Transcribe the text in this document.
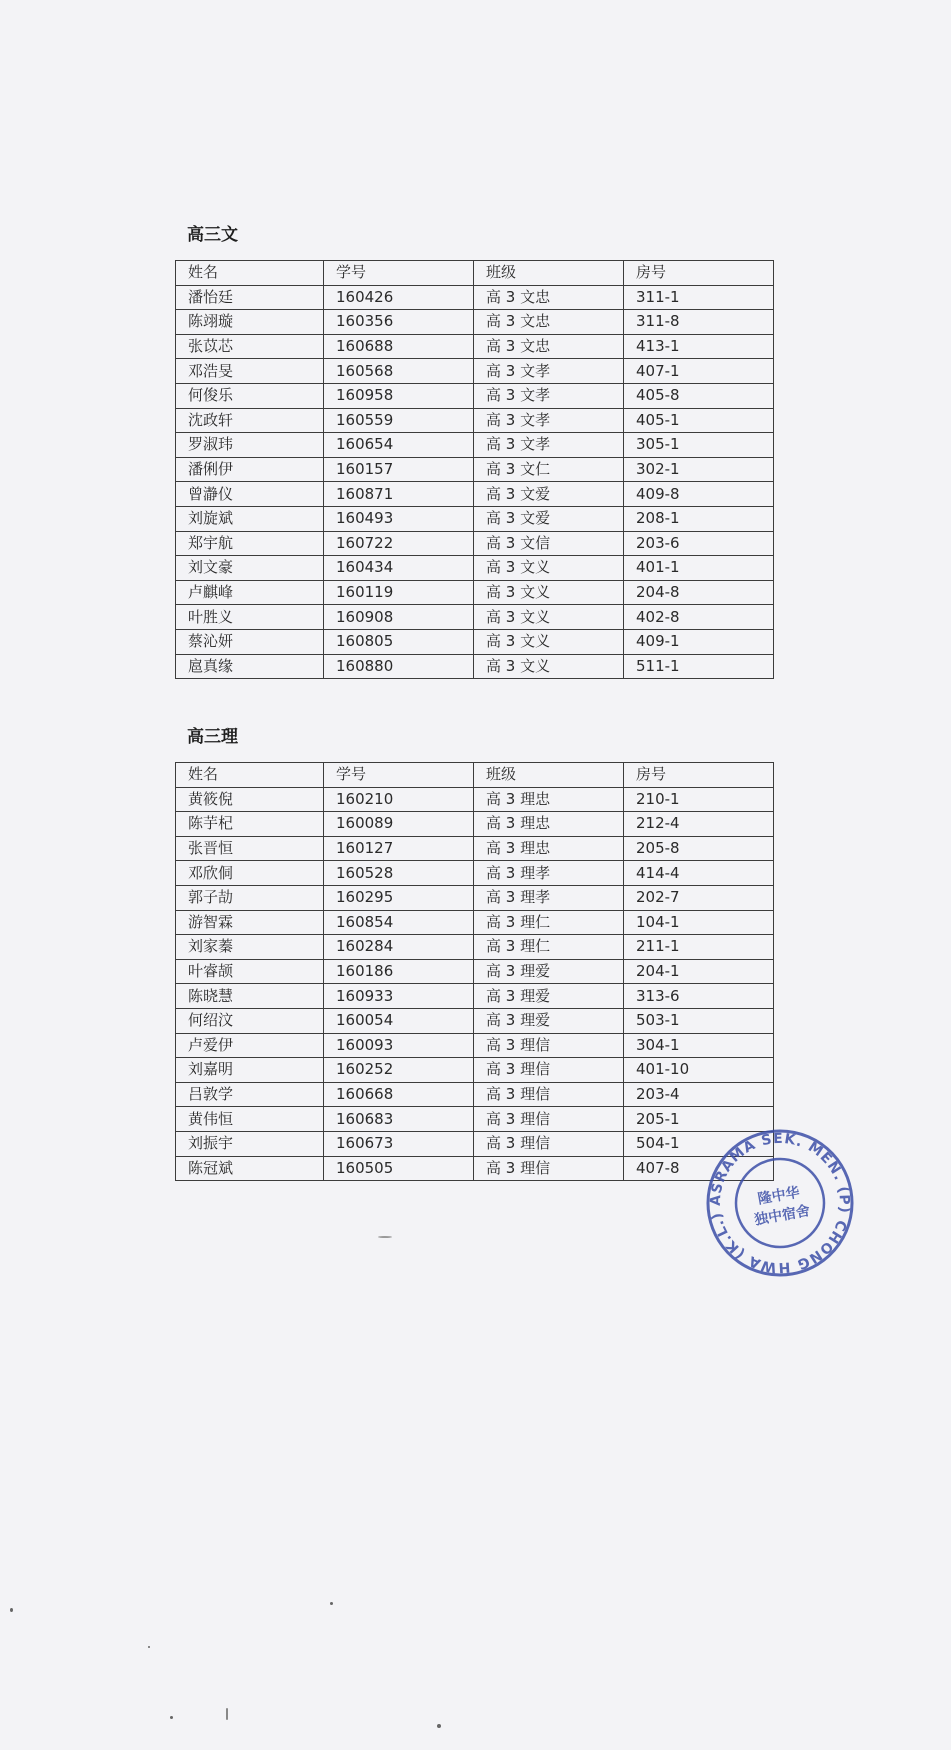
高三文
姓名	学号	班级	房号
潘怡廷	160426	高 3 文忠	311-1
陈翊璇	160356	高 3 文忠	311-8
张苡芯	160688	高 3 文忠	413-1
邓浩旻	160568	高 3 文孝	407-1
何俊乐	160958	高 3 文孝	405-8
沈政轩	160559	高 3 文孝	405-1
罗淑玮	160654	高 3 文孝	305-1
潘俐伊	160157	高 3 文仁	302-1
曾瀞仪	160871	高 3 文爱	409-8
刘旋斌	160493	高 3 文爱	208-1
郑宇航	160722	高 3 文信	203-6
刘文豪	160434	高 3 文义	401-1
卢麒峰	160119	高 3 文义	204-8
叶胜义	160908	高 3 文义	402-8
蔡沁妍	160805	高 3 文义	409-1
扈真缘	160880	高 3 文义	511-1
高三理
姓名	学号	班级	房号
黄筱倪	160210	高 3 理忠	210-1
陈芋杞	160089	高 3 理忠	212-4
张晋恒	160127	高 3 理忠	205-8
邓欣侗	160528	高 3 理孝	414-4
郭子劼	160295	高 3 理孝	202-7
游智霖	160854	高 3 理仁	104-1
刘家蓁	160284	高 3 理仁	211-1
叶睿颉	160186	高 3 理爱	204-1
陈晓慧	160933	高 3 理爱	313-6
何绍汶	160054	高 3 理爱	503-1
卢爱伊	160093	高 3 理信	304-1
刘嘉明	160252	高 3 理信	401-10
吕敦学	160668	高 3 理信	203-4
黄伟恒	160683	高 3 理信	205-1
刘振宇	160673	高 3 理信	504-1
陈冠斌	160505	高 3 理信	407-8
ASRAMA SEK. MEN. (P) CHONG HWA (K.L.)
隆中华
独中宿舍
